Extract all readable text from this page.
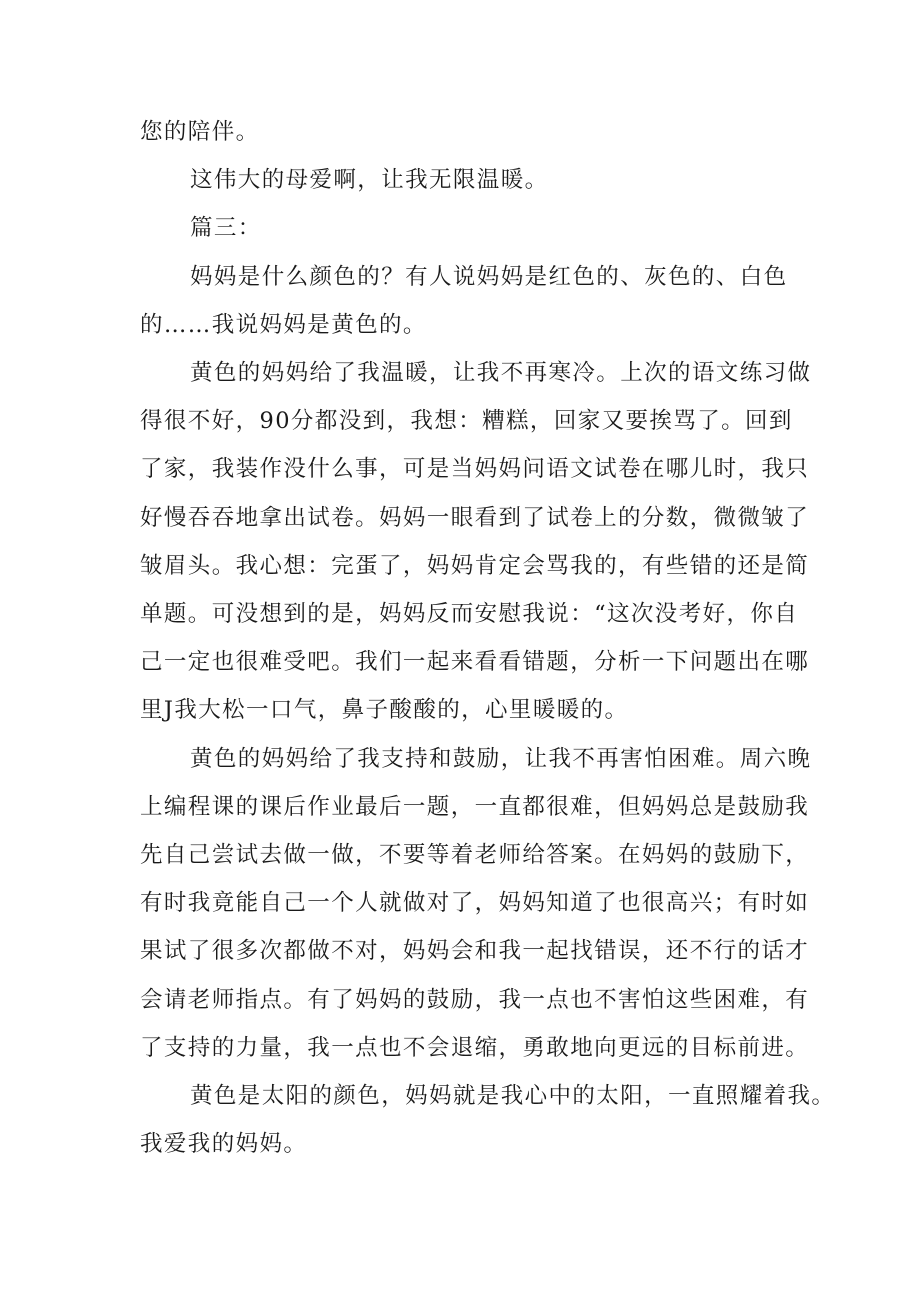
您的陪伴。
这伟大的母爱啊，让我无限温暖。
篇三：
妈妈是什么颜色的？有人说妈妈是红色的、灰色的、白色
的……我说妈妈是黄色的。
黄色的妈妈给了我温暖，让我不再寒冷。上次的语文练习做
得很不好，90分都没到，我想：糟糕，回家又要挨骂了。回到
了家，我装作没什么事，可是当妈妈问语文试卷在哪儿时，我只
好慢吞吞地拿出试卷。妈妈一眼看到了试卷上的分数，微微皱了
皱眉头。我心想：完蛋了，妈妈肯定会骂我的，有些错的还是简
单题。可没想到的是，妈妈反而安慰我说：“这次没考好，你自
己一定也很难受吧。我们一起来看看错题，分析一下问题出在哪
里J我大松一口气，鼻子酸酸的，心里暖暖的。
黄色的妈妈给了我支持和鼓励，让我不再害怕困难。周六晚
上编程课的课后作业最后一题，一直都很难，但妈妈总是鼓励我
先自己尝试去做一做，不要等着老师给答案。在妈妈的鼓励下，
有时我竟能自己一个人就做对了，妈妈知道了也很高兴；有时如
果试了很多次都做不对，妈妈会和我一起找错误，还不行的话才
会请老师指点。有了妈妈的鼓励，我一点也不害怕这些困难，有
了支持的力量，我一点也不会退缩，勇敢地向更远的目标前进。
黄色是太阳的颜色，妈妈就是我心中的太阳，一直照耀着我。
我爱我的妈妈。
